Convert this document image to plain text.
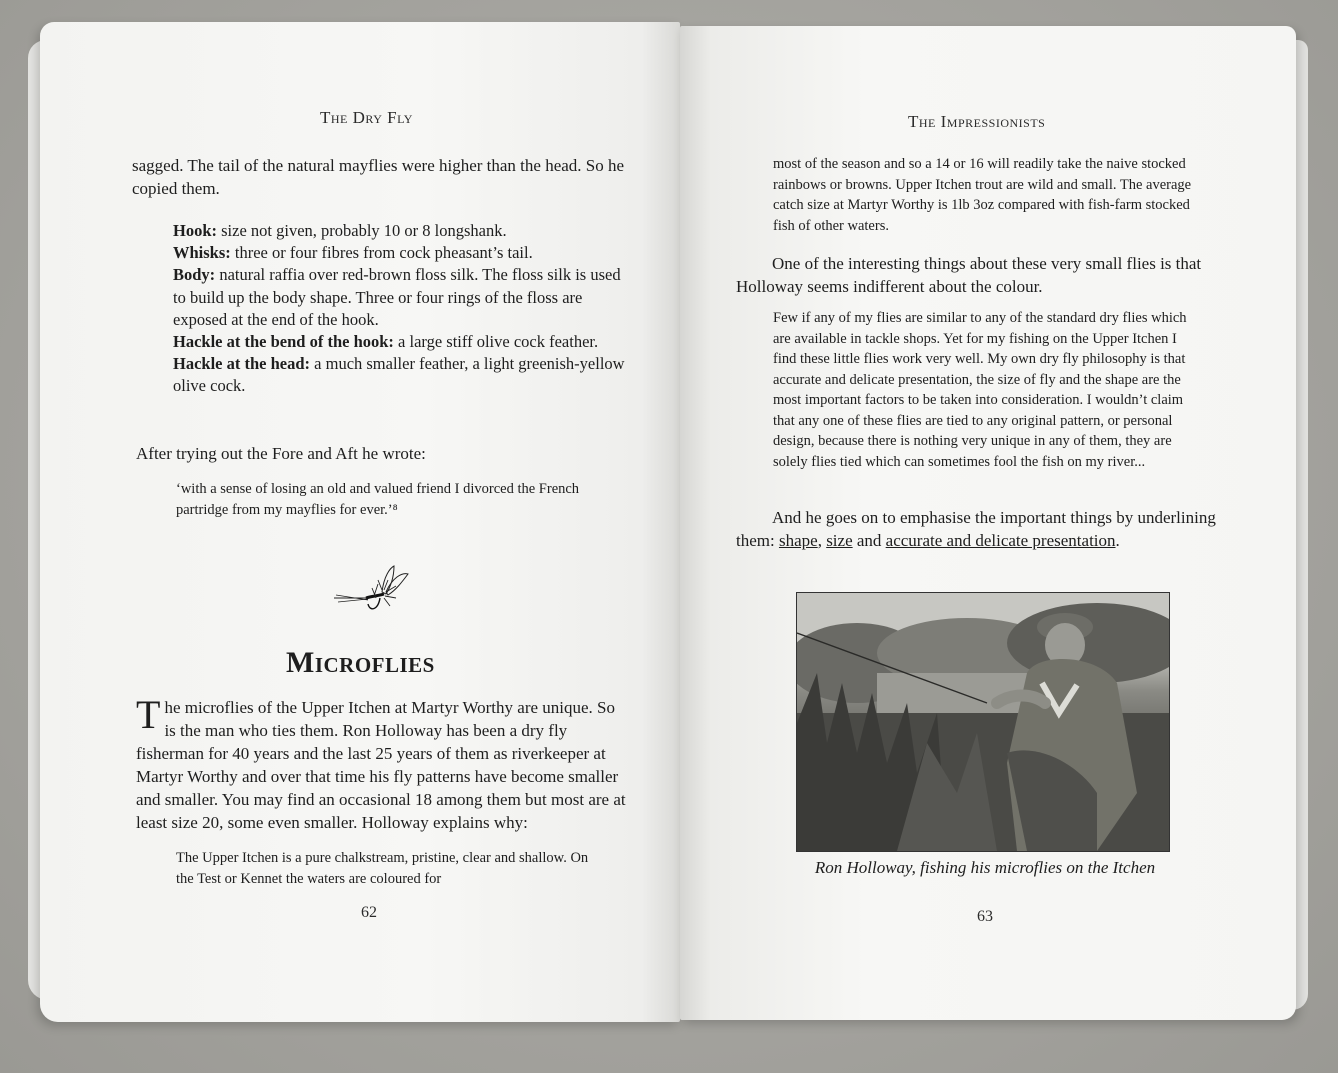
The Dry Fly

sagged. The tail of the natural mayflies were higher than the head. So he copied them.

Hook: size not given, probably 10 or 8 longshank.
Whisks: three or four fibres from cock pheasant’s tail.
Body: natural raffia over red-brown floss silk. The floss silk is used to build up the body shape. Three or four rings of the floss are exposed at the end of the hook.
Hackle at the bend of the hook: a large stiff olive cock feather.
Hackle at the head: a much smaller feather, a light greenish-yellow olive cock.

After trying out the Fore and Aft he wrote:

‘with a sense of losing an old and valued friend I divorced the French partridge from my mayflies for ever.’⁸

Microflies

The microflies of the Upper Itchen at Martyr Worthy are unique. So is the man who ties them. Ron Holloway has been a dry fly fisherman for 40 years and the last 25 years of them as riverkeeper at Martyr Worthy and over that time his fly patterns have become smaller and smaller. You may find an occasional 18 among them but most are at least size 20, some even smaller. Holloway explains why:

The Upper Itchen is a pure chalkstream, pristine, clear and shallow. On the Test or Kennet the waters are coloured for

62
The Impressionists

most of the season and so a 14 or 16 will readily take the naive stocked rainbows or browns. Upper Itchen trout are wild and small. The average catch size at Martyr Worthy is 1lb 3oz compared with fish-farm stocked fish of other waters.

One of the interesting things about these very small flies is that Holloway seems indifferent about the colour.

Few if any of my flies are similar to any of the standard dry flies which are available in tackle shops. Yet for my fishing on the Upper Itchen I find these little flies work very well. My own dry fly philosophy is that accurate and delicate presentation, the size of fly and the shape are the most important factors to be taken into consideration. I wouldn’t claim that any one of these flies are tied to any original pattern, or personal design, because there is nothing very unique in any of them, they are solely flies tied which can sometimes fool the fish on my river...

And he goes on to emphasise the important things by underlining them: shape, size and accurate and delicate presentation.

Ron Holloway, fishing his microflies on the Itchen
63
